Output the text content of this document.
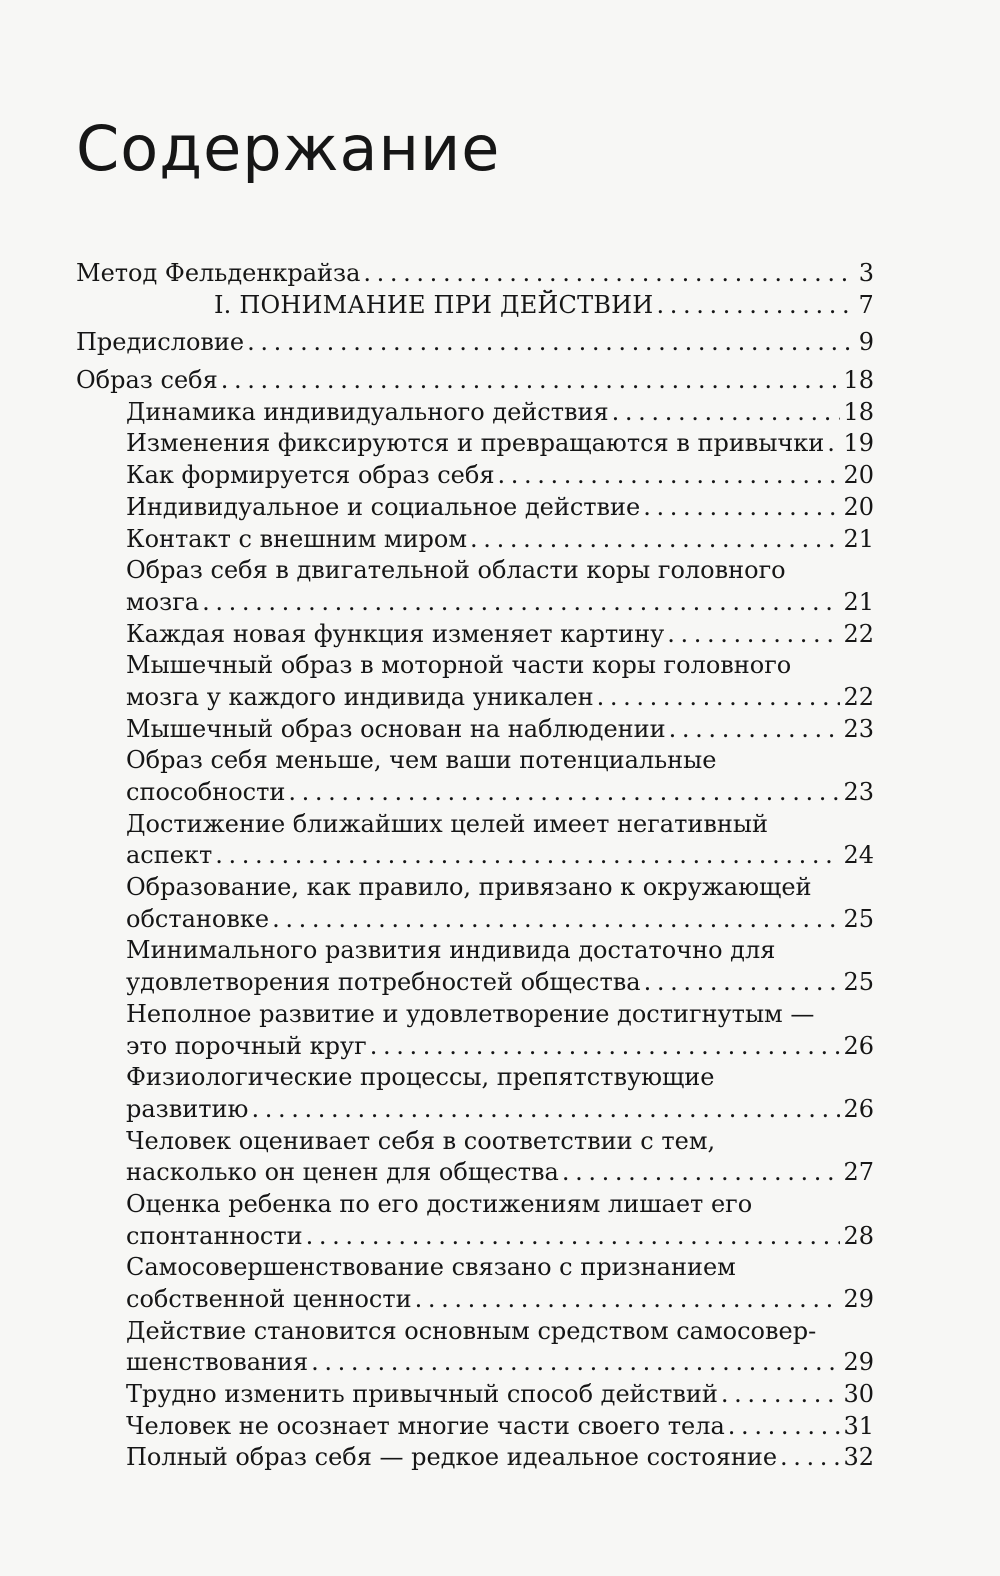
Содержание
Метод Фельденкрайза . . .	3
I. ПОНИМАНИЕ ПРИ ДЕЙСТВИИ . . .	7
Предисловие . . .	9
Образ себя . . .	18
Динамика индивидуального действия . . .	18
Изменения фиксируются и превращаются в привычки . . . 19
Как формируется образ себя . . .	20
Индивидуальное и социальное действие . . .	20
Контакт с внешним миром . . .	21
Образ себя в двигательной области коры головного
мозга . . .	21
Каждая новая функция изменяет картину . . .	22
Мышечный образ в моторной части коры головного
мозга у каждого индивида уникален . . .	22
Мышечный образ основан на наблюдении . . .	23
Образ себя меньше, чем ваши потенциальные
способности . . .	23
Достижение ближайших целей имеет негативный
аспект . . .	24
Образование, как правило, привязано к окружающей
обстановке . . .	25
Минимального развития индивида достаточно для
удовлетворения потребностей общества . . .	25
Неполное развитие и удовлетворение достигнутым —
это порочный круг . . .	26
Физиологические процессы, препятствующие
развитию . . .	26
Человек оценивает себя в соответствии с тем,
насколько он ценен для общества . . .	27
Оценка ребенка по его достижениям лишает его
спонтанности . . .	28
Самосовершенствование связано с признанием
собственной ценности . . .	29
Действие становится основным средством самосовер-
шенствования . . .	29
Трудно изменить привычный способ действий . . .	30
Человек не осознает многие части своего тела . . .	31
Полный образ себя — редкое идеальное состояние . . .	32
